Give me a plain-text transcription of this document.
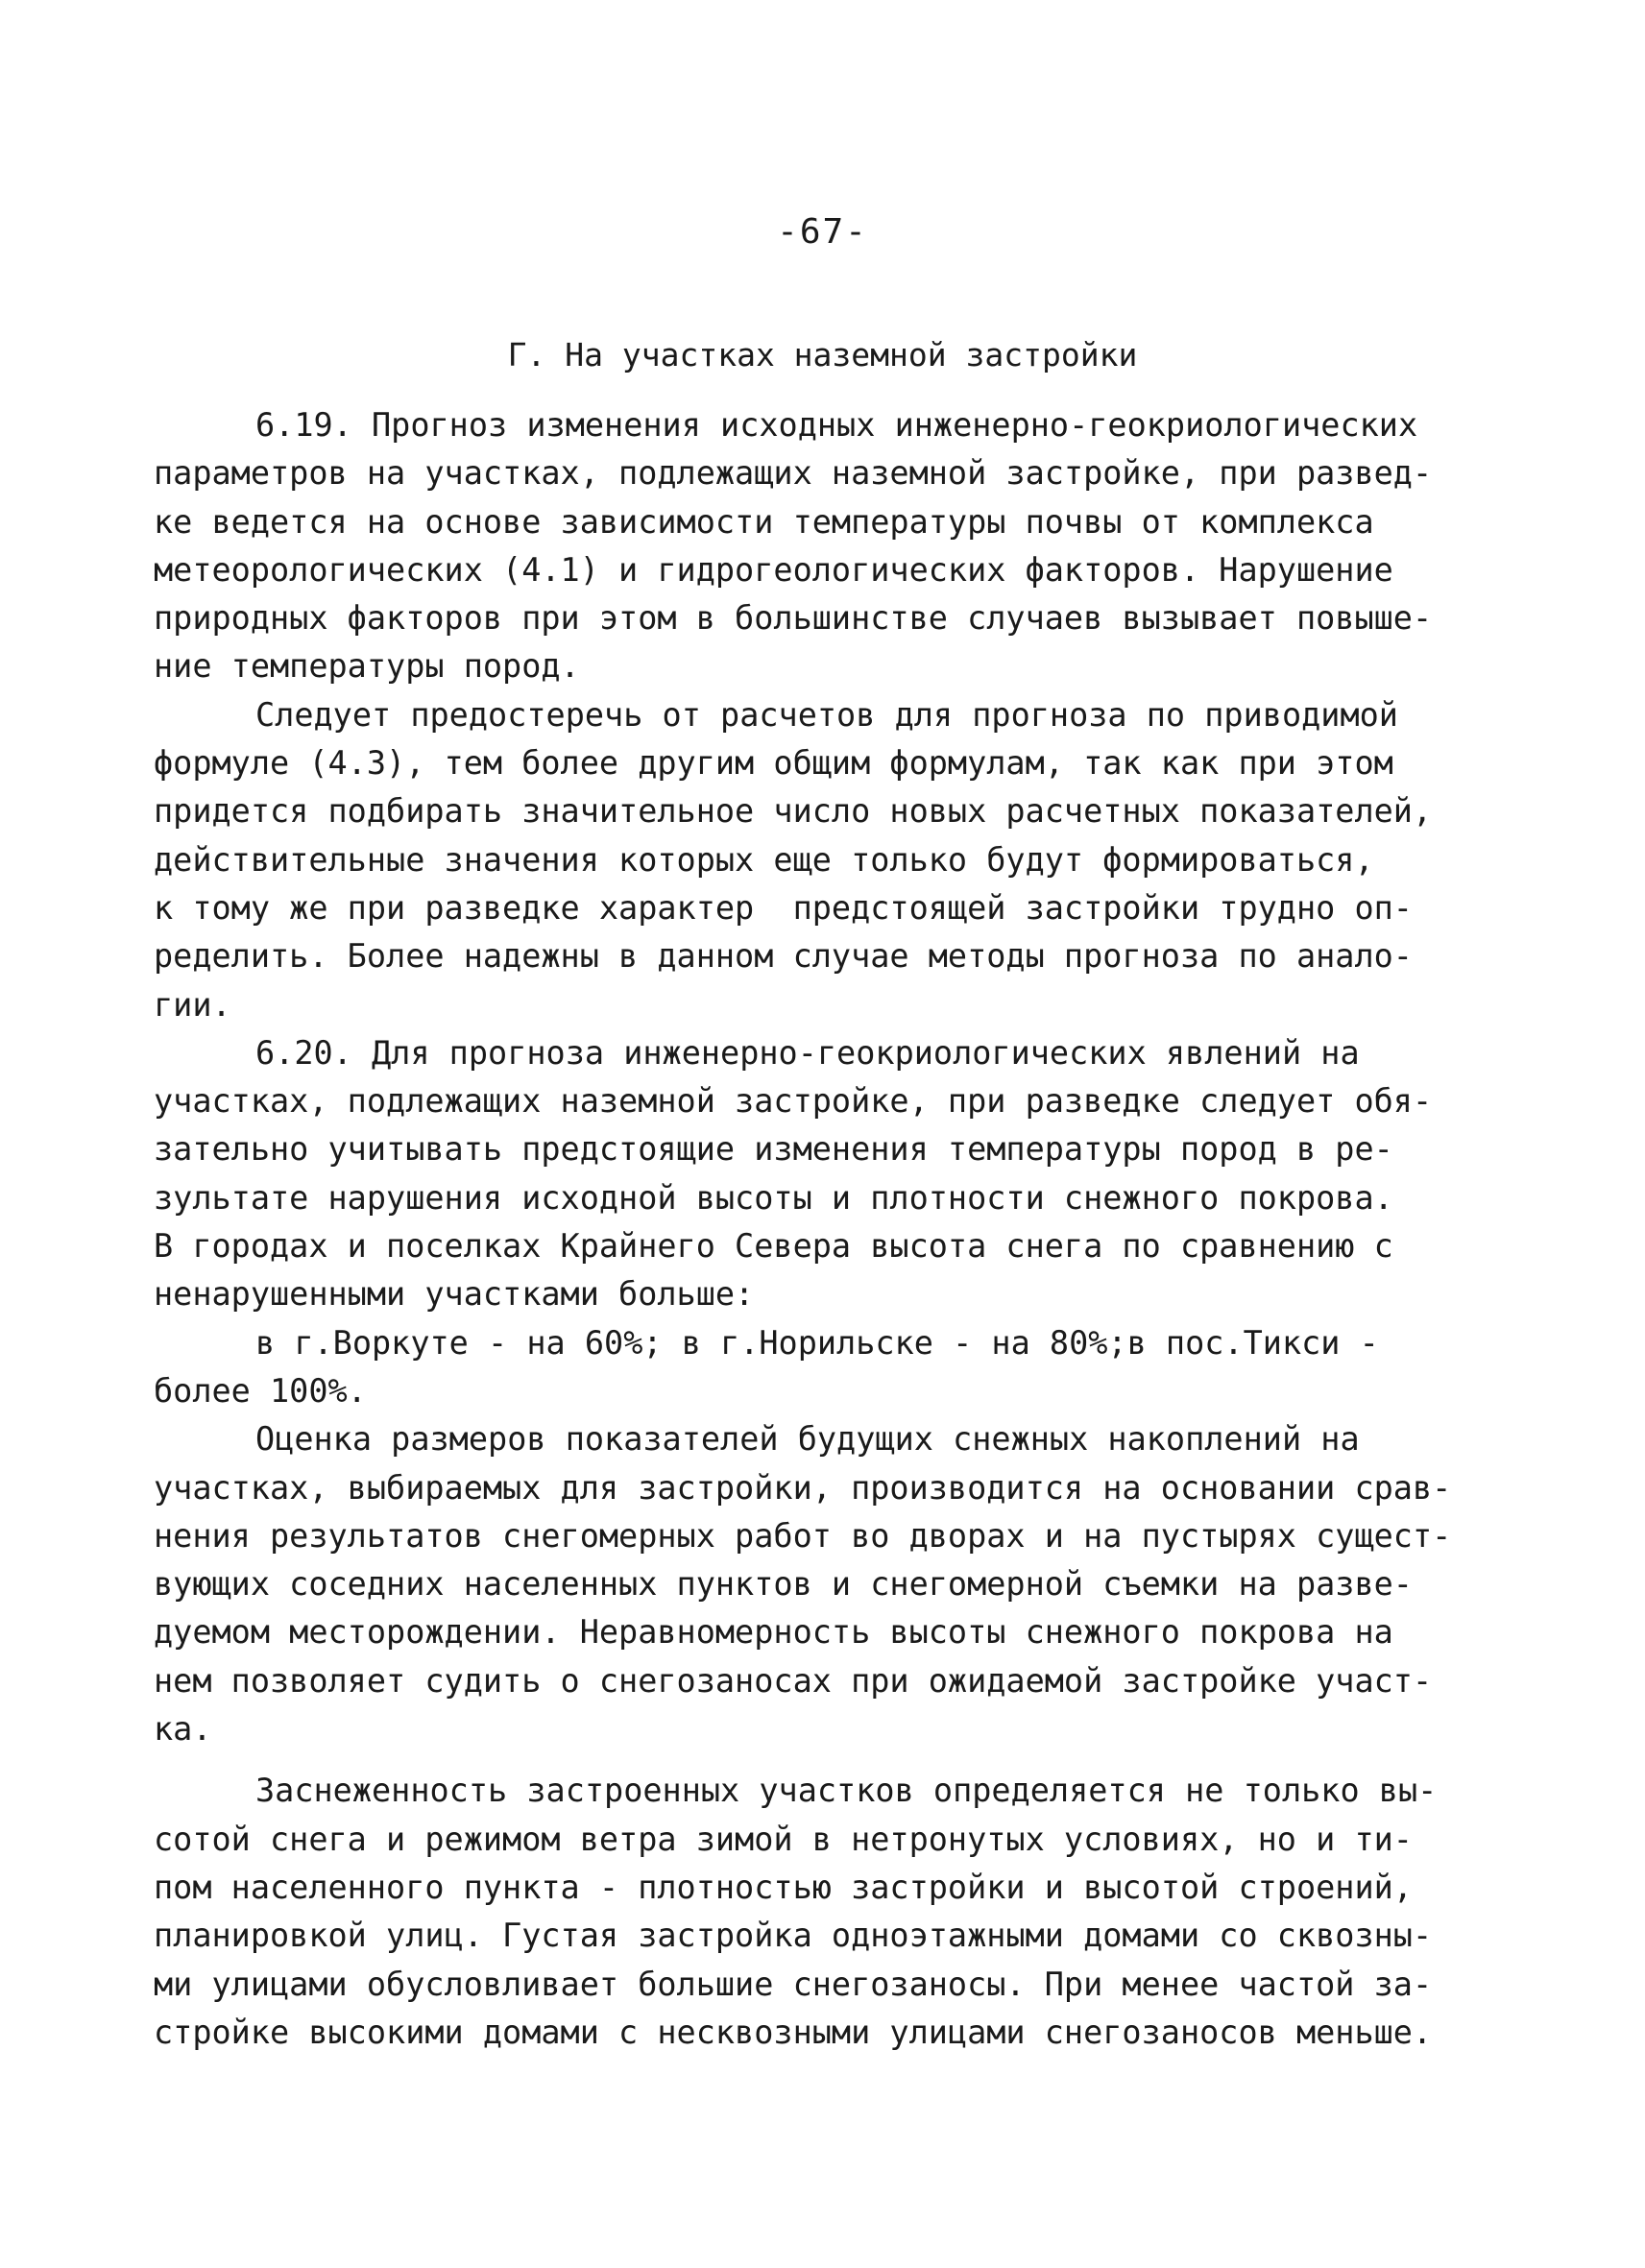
-67-
Г. На участках наземной застройки
6.19. Прогноз изменения исходных инженерно-геокриологических
параметров на участках, подлежащих наземной застройке, при развед-
ке ведется на основе зависимости температуры почвы от комплекса
метеорологических (4.1) и гидрогеологических факторов. Нарушение
природных факторов при этом в большинстве случаев вызывает повыше-
ние температуры пород.
Следует предостеречь от расчетов для прогноза по приводимой
формуле (4.3), тем более другим общим формулам, так как при этом
придется подбирать значительное число новых расчетных показателей,
действительные значения которых еще только будут формироваться,
к тому же при разведке характер  предстоящей застройки трудно оп-
ределить. Более надежны в данном случае методы прогноза по анало-
гии.
6.20. Для прогноза инженерно-геокриологических явлений на
участках, подлежащих наземной застройке, при разведке следует обя-
зательно учитывать предстоящие изменения температуры пород в ре-
зультате нарушения исходной высоты и плотности снежного покрова.
В городах и поселках Крайнего Севера высота снега по сравнению с
ненарушенными участками больше:
в г.Воркуте - на 60%; в г.Норильске - на 80%;в пос.Тикси -
более 100%.
Оценка размеров показателей будущих снежных накоплений на
участках, выбираемых для застройки, производится на основании срав-
нения результатов снегомерных работ во дворах и на пустырях сущест-
вующих соседних населенных пунктов и снегомерной съемки на разве-
дуемом месторождении. Неравномерность высоты снежного покрова на
нем позволяет судить о снегозаносах при ожидаемой застройке участ-
ка.
Заснеженность застроенных участков определяется не только вы-
сотой снега и режимом ветра зимой в нетронутых условиях, но и ти-
пом населенного пункта - плотностью застройки и высотой строений,
планировкой улиц. Густая застройка одноэтажными домами со сквозны-
ми улицами обусловливает большие снегозаносы. При менее частой за-
стройке высокими домами с несквозными улицами снегозаносов меньше.
